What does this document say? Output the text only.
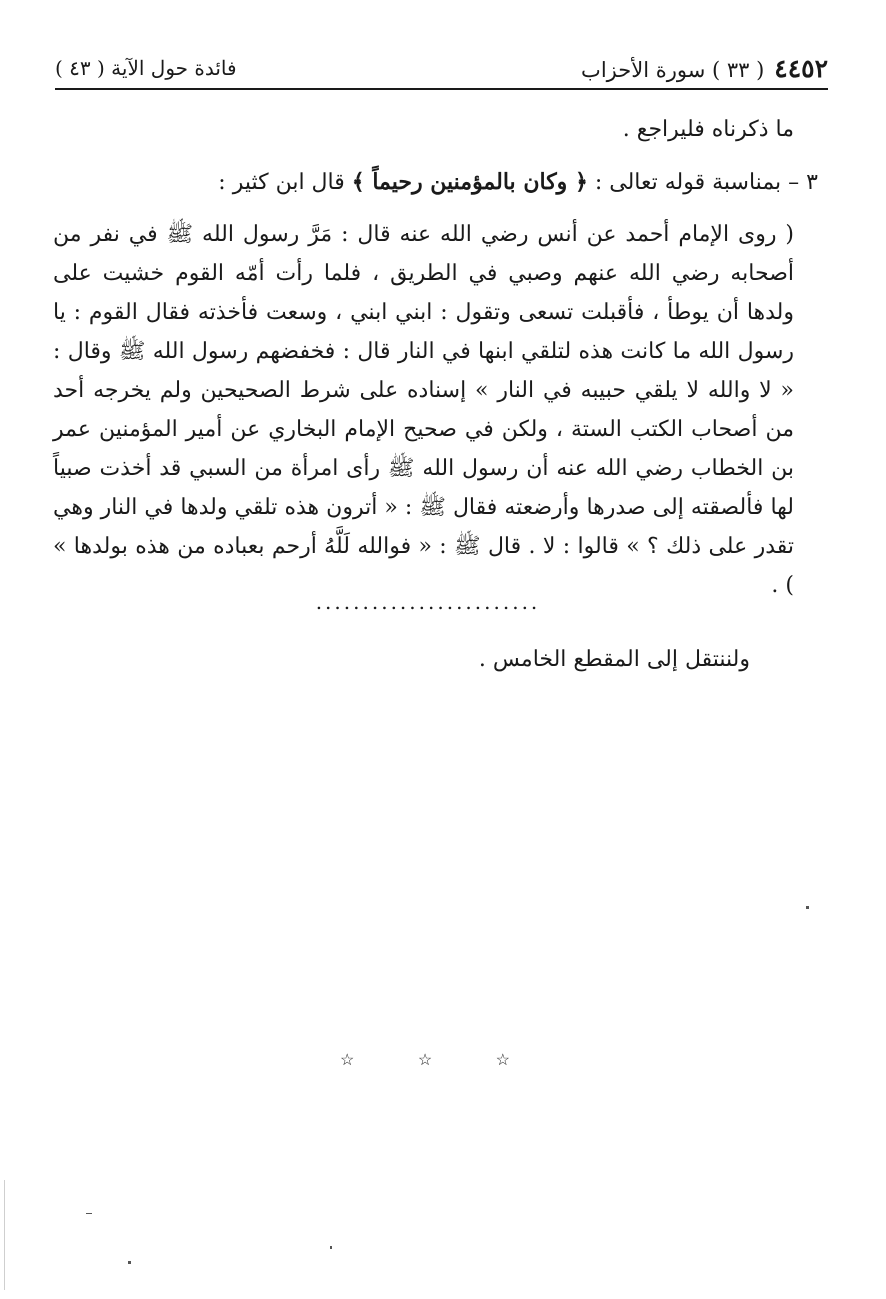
٤٤٥٢
( ٣٣ ) سورة الأحزاب
فائدة حول الآية ( ٤٣ )
ما ذكرناه فليراجع .
٣ – بمناسبة قوله تعالى : ﴿ وكان بالمؤمنين رحيماً ﴾ قال ابن كثير :
( روى الإمام أحمد عن أنس رضي الله عنه قال : مَرَّ رسول الله ﷺ في نفر من أصحابه رضي الله عنهم وصبي في الطريق ، فلما رأت أمّه القوم خشيت على ولدها أن يوطأ ، فأقبلت تسعى وتقول : ابني ابني ، وسعت فأخذته فقال القوم : يا رسول الله ما كانت هذه لتلقي ابنها في النار قال : فخفضهم رسول الله ﷺ وقال : « لا والله لا يلقي حبيبه في النار » إسناده على شرط الصحيحين ولم يخرجه أحد من أصحاب الكتب الستة ، ولكن في صحيح الإمام البخاري عن أمير المؤمنين عمر بن الخطاب رضي الله عنه أن رسول الله ﷺ رأى امرأة من السبي قد أخذت صبياً لها فألصقته إلى صدرها وأرضعته فقال ﷺ : « أترون هذه تلقي ولدها في النار وهي تقدر على ذلك ؟ » قالوا : لا . قال ﷺ : « فوالله لَلَّهُ أرحم بعباده من هذه بولدها » ) .
........................
ولننتقل إلى المقطع الخامس .
☆	☆	☆
